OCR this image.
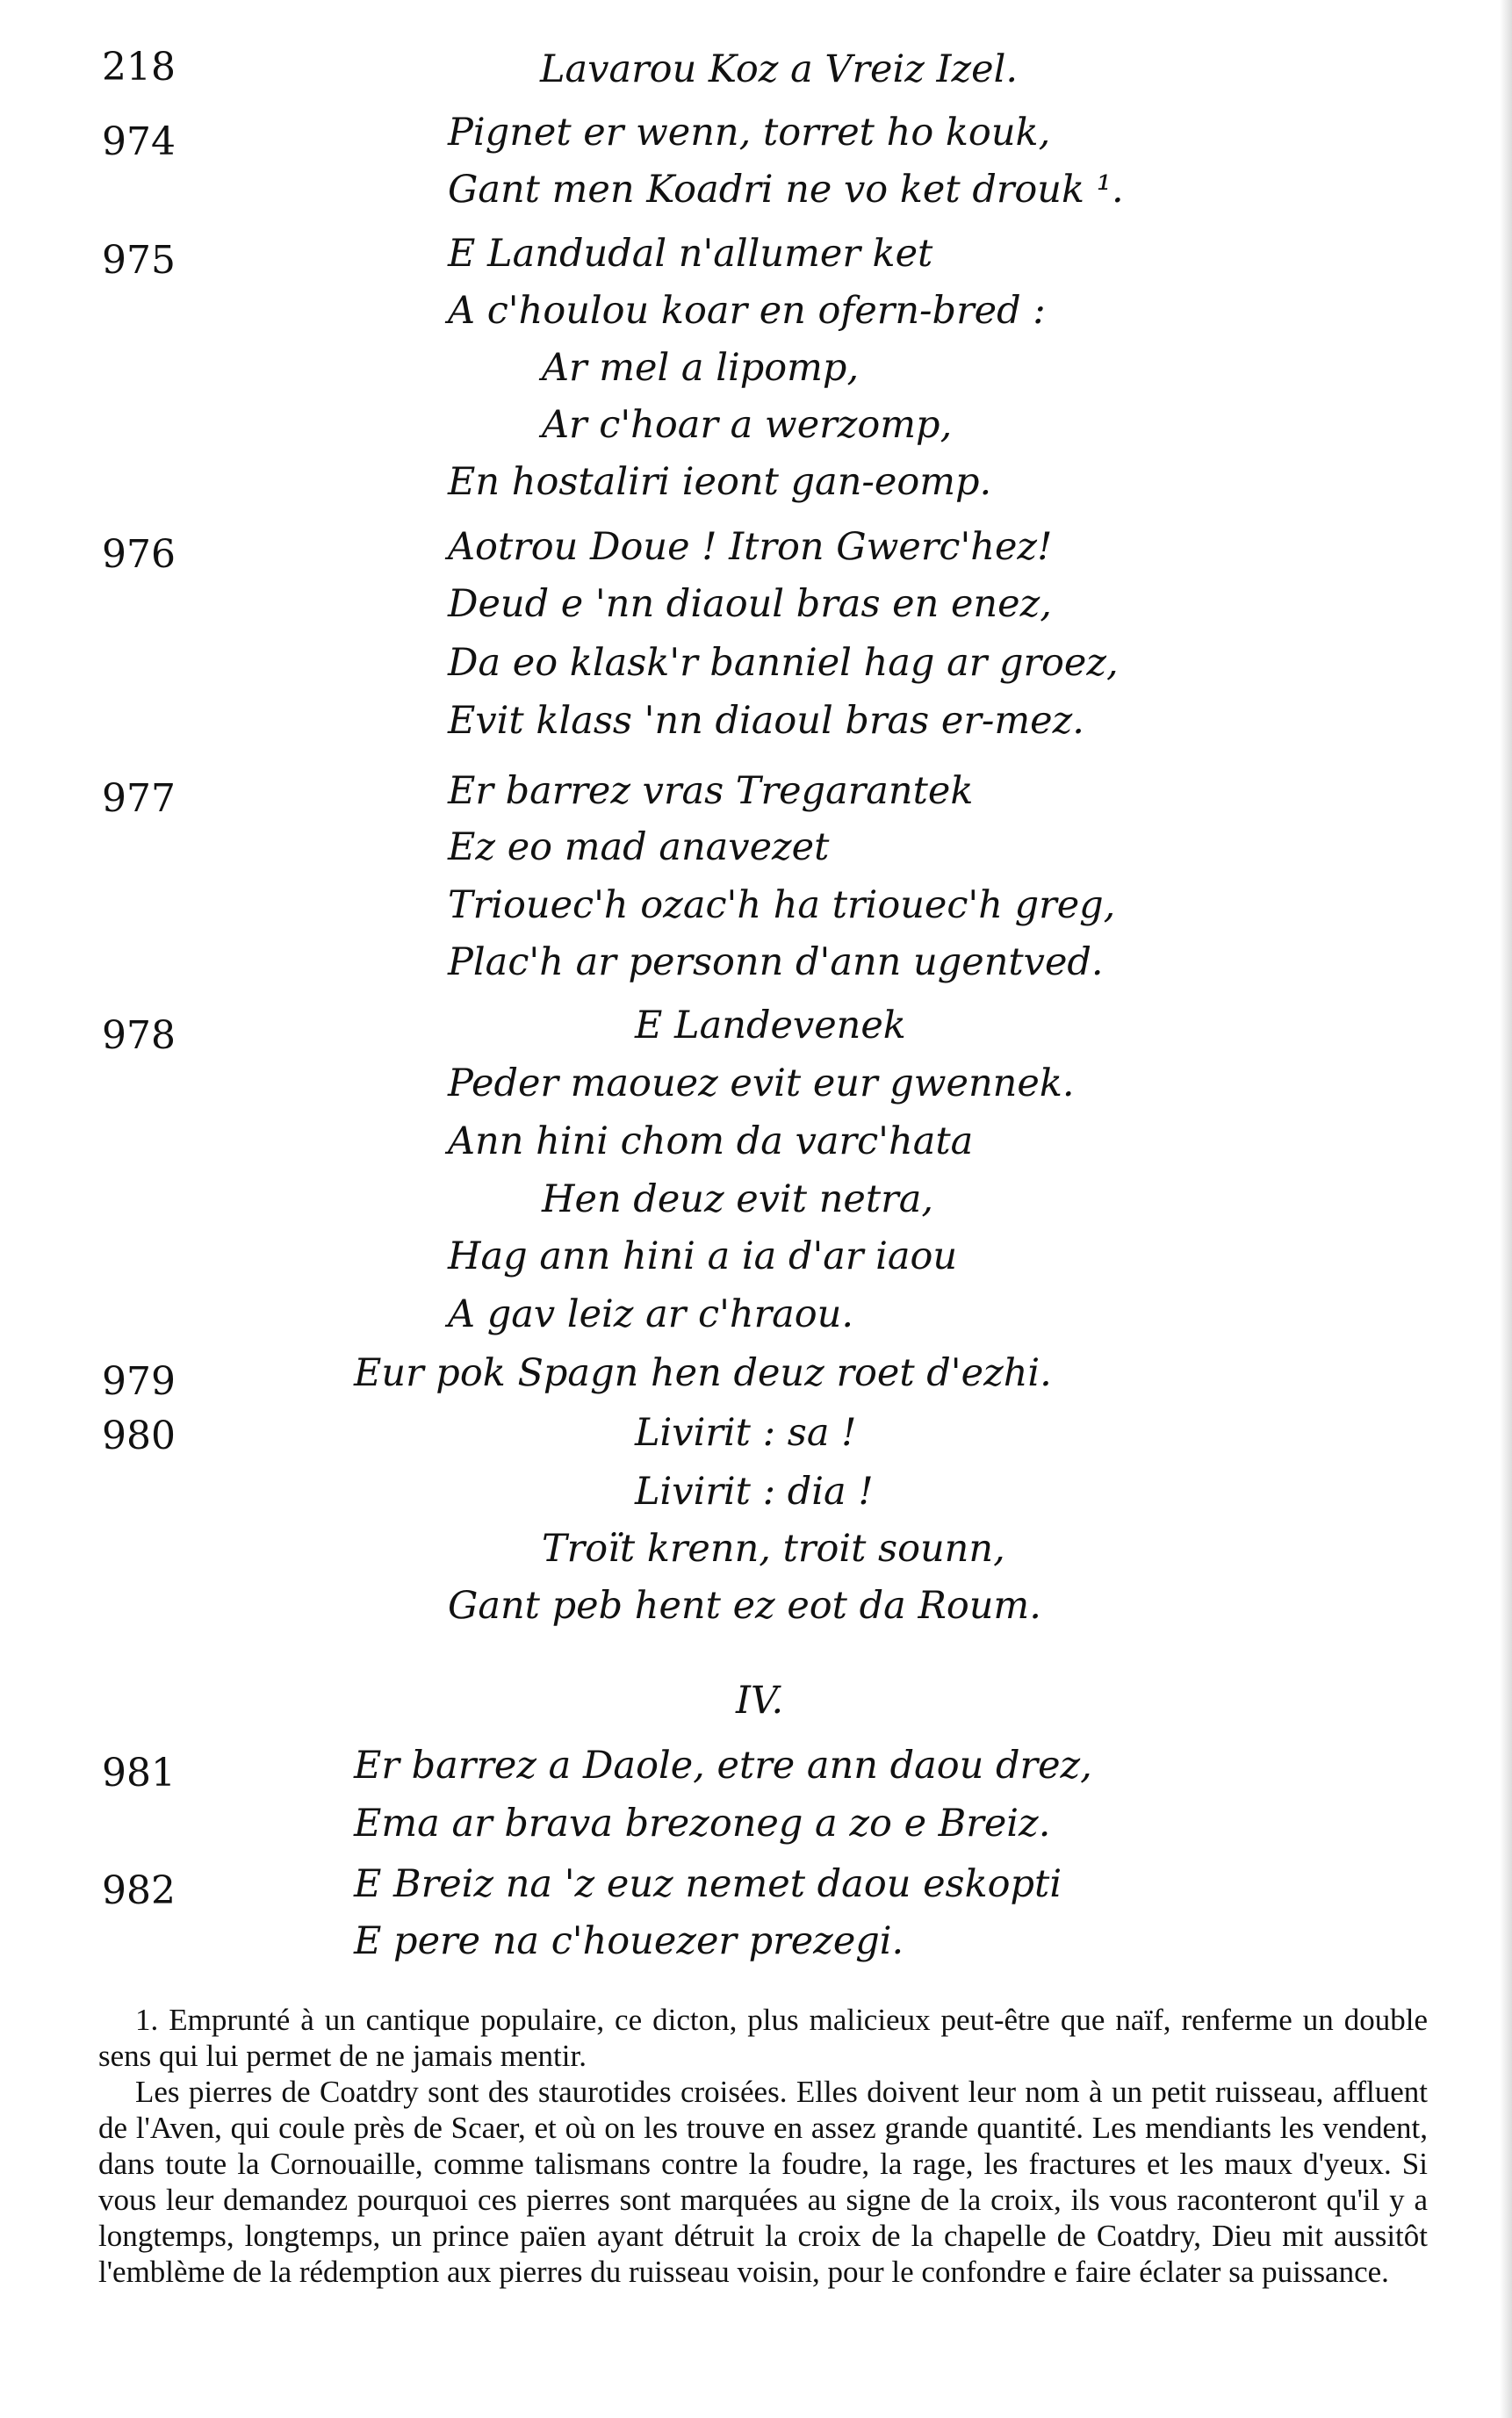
218	Lavarou Koz a Vreiz Izel.
974	Pignet er wenn, torret ho kouk,
Gant men Koadri ne vo ket drouk ¹.
975	E Landudal n'allumer ket
A c'houlou koar en ofern-bred :
Ar mel a lipomp,
Ar c'hoar a werzomp,
En hostaliri ieont gan-eomp.
976	Aotrou Doue ! Itron Gwerc'hez!
Deud e 'nn diaoul bras en enez,
Da eo klask'r banniel hag ar groez,
Evit klass 'nn diaoul bras er-mez.
977	Er barrez vras Tregarantek
Ez eo mad anavezet
Triouec'h ozac'h ha triouec'h greg,
Plac'h ar personn d'ann ugentved.
978	E Landevenek
Peder maouez evit eur gwennek.
Ann hini chom da varc'hata
Hen deuz evit netra,
Hag ann hini a ia d'ar iaou
A gav leiz ar c'hraou.
979	Eur pok Spagn hen deuz roet d'ezhi.
980	Livirit : sa !
Livirit : dia !
Troït krenn, troit sounn,
Gant peb hent ez eot da Roum.
IV.
981	Er barrez a Daole, etre ann daou drez,
Ema ar brava brezoneg a zo e Breiz.
982	E Breiz na 'z euz nemet daou eskopti
E pere na c'houezer prezegi.

1. Emprunté à un cantique populaire, ce dicton, plus malicieux peut-être que naïf, renferme un double sens qui lui permet de ne jamais mentir.

Les pierres de Coatdry sont des staurotides croisées. Elles doivent leur nom à un petit ruisseau, affluent de l'Aven, qui coule près de Scaer, et où on les trouve en assez grande quantité. Les mendiants les vendent, dans toute la Cornouaille, comme talismans contre la foudre, la rage, les fractures et les maux d'yeux. Si vous leur demandez pourquoi ces pierres sont marquées au signe de la croix, ils vous raconteront qu'il y a longtemps, longtemps, un prince païen ayant détruit la croix de la chapelle de Coatdry, Dieu mit aussitôt l'emblème de la rédemption aux pierres du ruisseau voisin, pour le confondre e faire éclater sa puissance.
